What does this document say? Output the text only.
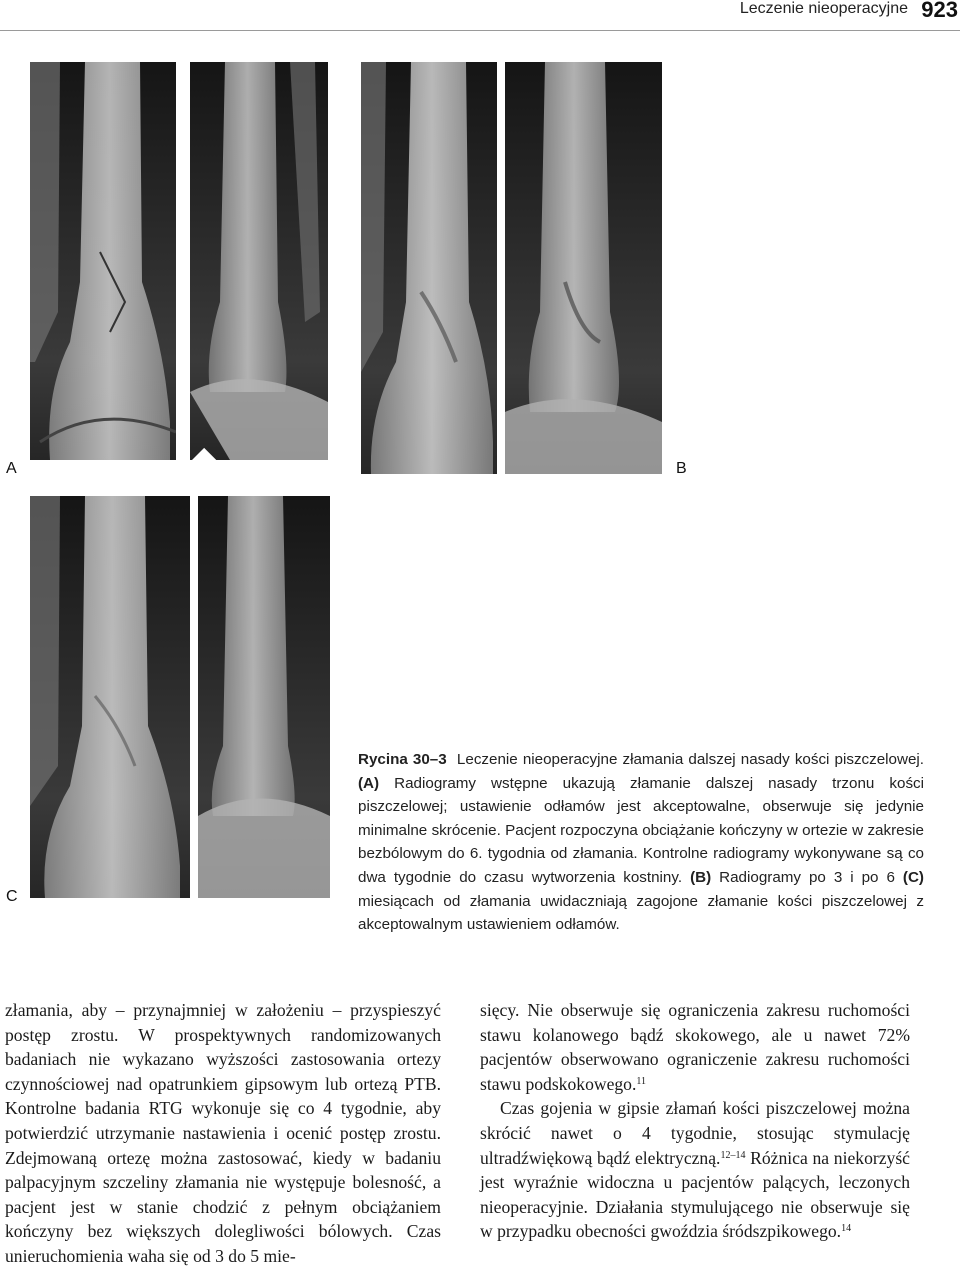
Leczenie nieoperacyjne 923
A	B
C
Rycina 30–3 Leczenie nieoperacyjne złamania dalszej nasady kości piszczelowej. (A) Radiogramy wstępne ukazują złamanie dalszej nasady trzonu kości piszczelowej; ustawienie odłamów jest akceptowalne, obserwuje się jedynie minimalne skrócenie. Pacjent rozpoczyna obciążanie kończyny w ortezie w zakresie bezbólowym do 6. tygodnia od złamania. Kontrolne radiogramy wykonywane są co dwa tygodnie do czasu wytworzenia kostniny. (B) Radiogramy po 3 i po 6 (C) miesiącach od złamania uwidaczniają zagojone złamanie kości piszczelowej z akceptowalnym ustawieniem odłamów.

złamania, aby – przynajmniej w założeniu – przyspieszyć postęp zrostu. W prospektywnych randomizowanych badaniach nie wykazano wyższości zastosowania ortezy czynnościowej nad opatrunkiem gipsowym lub ortezą PTB. Kontrolne badania RTG wykonuje się co 4 tygodnie, aby potwierdzić utrzymanie nastawienia i ocenić postęp zrostu. Zdejmowaną ortezę można zastosować, kiedy w badaniu palpacyjnym szczeliny złamania nie występuje bolesność, a pacjent jest w stanie chodzić z pełnym obciążaniem kończyny bez większych dolegliwości bólowych. Czas unieruchomienia waha się od 3 do 5 mie-

sięcy. Nie obserwuje się ograniczenia zakresu ruchomości stawu kolanowego bądź skokowego, ale u nawet 72% pacjentów obserwowano ograniczenie zakresu ruchomości stawu podskokowego.$^{11}$

Czas gojenia w gipsie złamań kości piszczelowej można skrócić nawet o 4 tygodnie, stosując stymulację ultradźwiękową bądź elektryczną.$^{12-14}$ Różnica na niekorzyść jest wyraźnie widoczna u pacjentów palących, leczonych nieoperacyjnie. Działania stymulującego nie obserwuje się w przypadku obecności gwoździa śródszpikowego.$^{14}$
